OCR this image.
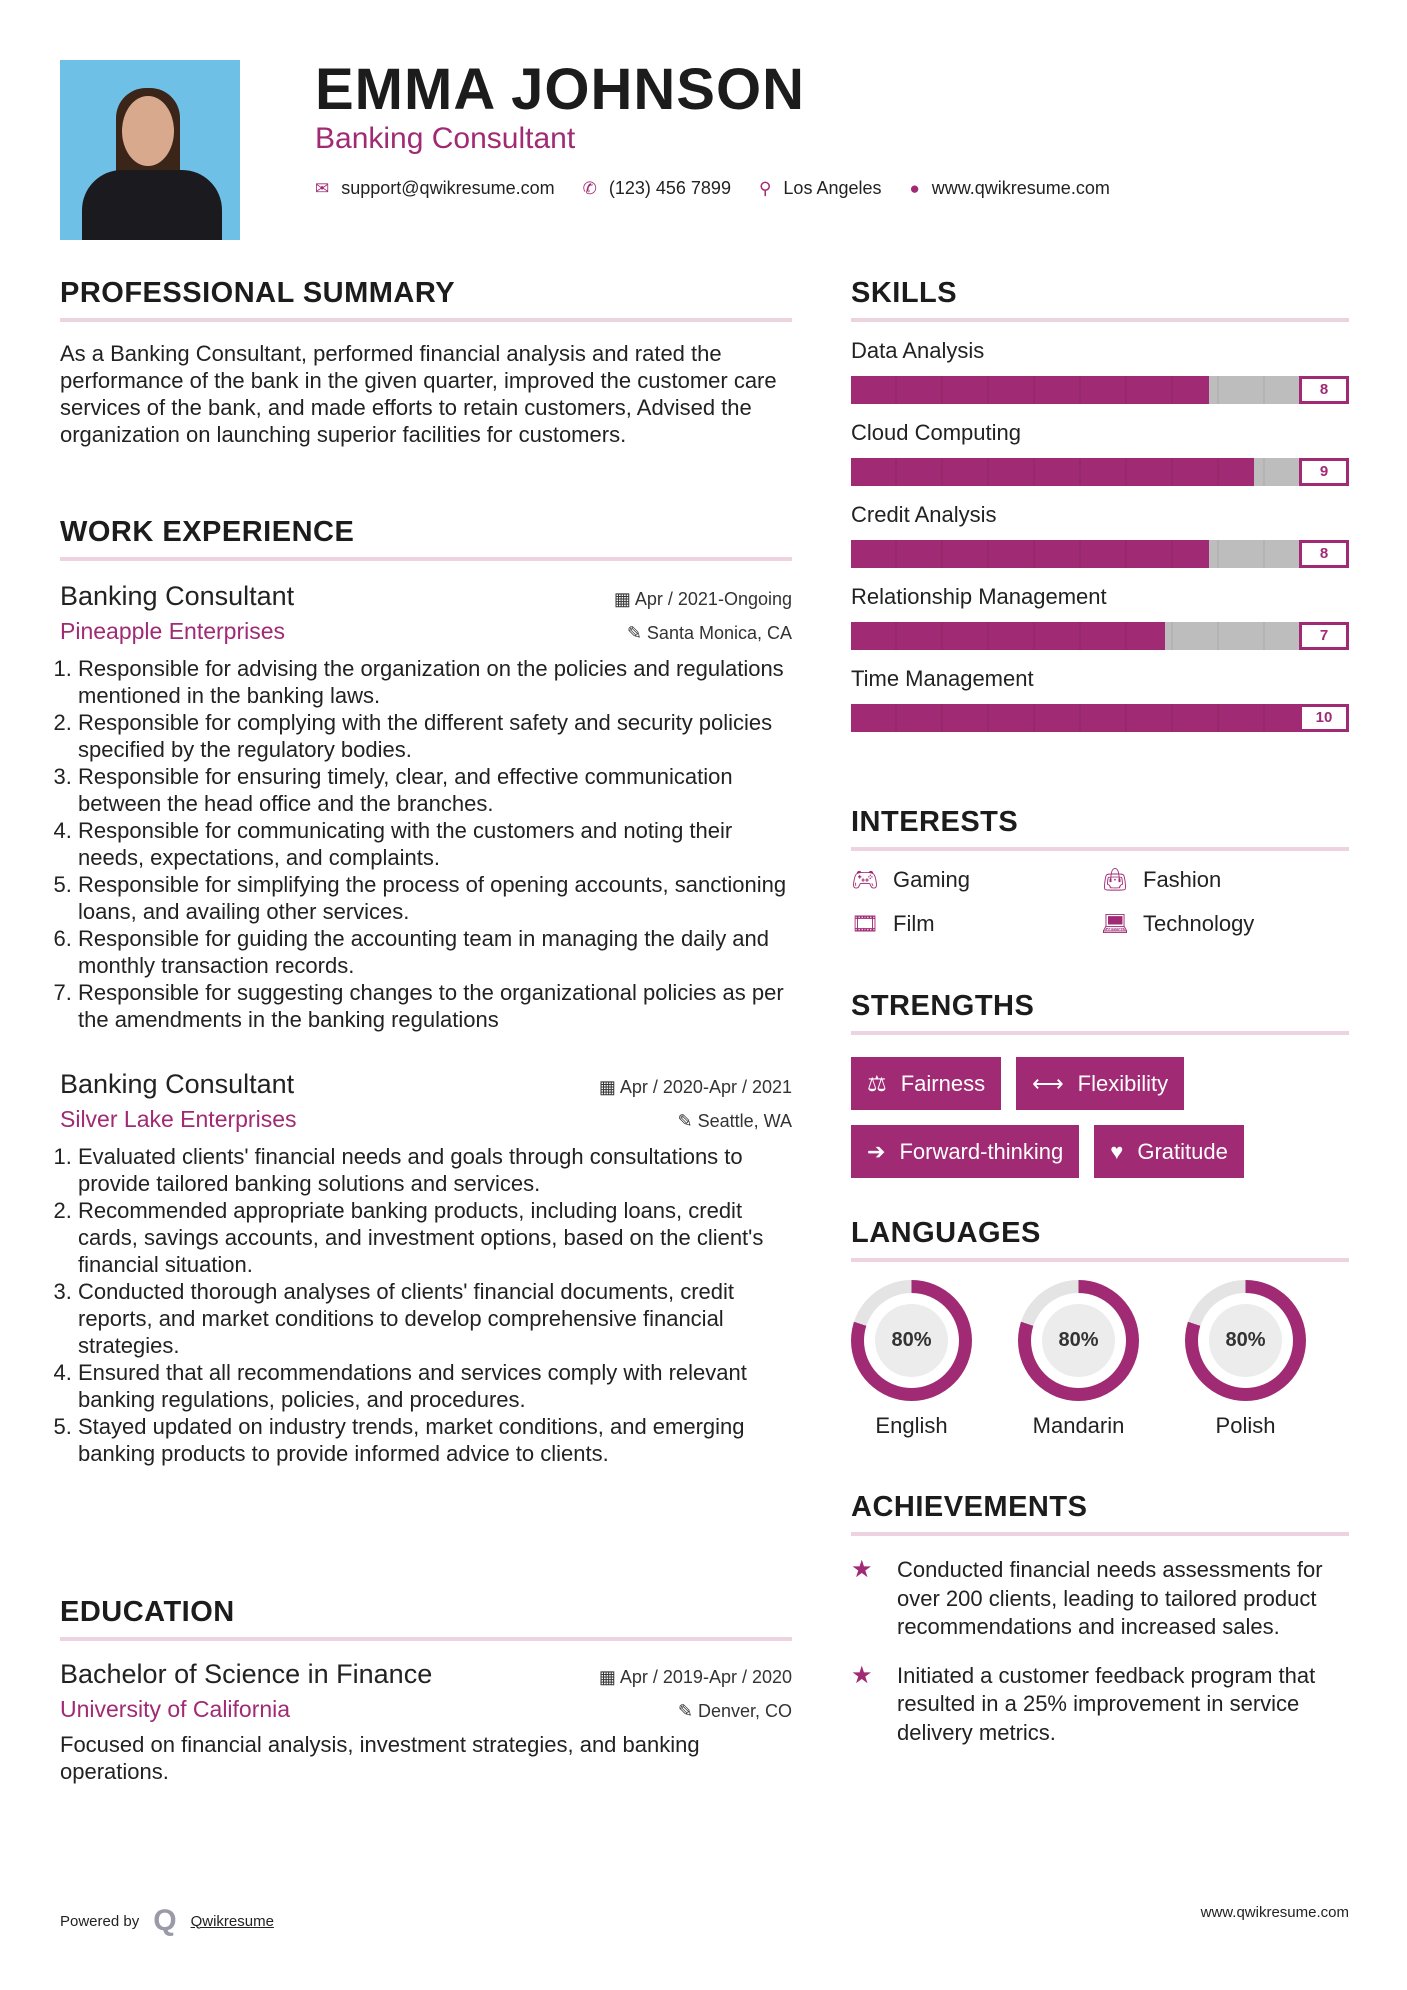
EMMA JOHNSON
Banking Consultant
✉ support@qwikresume.com ✆ (123) 456 7899 ⚲ Los Angeles ● www.qwikresume.com
PROFESSIONAL SUMMARY
As a Banking Consultant, performed financial analysis and rated the performance of the bank in the given quarter, improved the customer care services of the bank, and made efforts to retain customers, Advised the organization on launching superior facilities for customers.
WORK EXPERIENCE
Banking Consultant	▦ Apr / 2021-Ongoing
Pineapple Enterprises	✎ Santa Monica, CA
1. Responsible for advising the organization on the policies and regulations mentioned in the banking laws.
2. Responsible for complying with the different safety and security policies specified by the regulatory bodies.
3. Responsible for ensuring timely, clear, and effective communication between the head office and the branches.
4. Responsible for communicating with the customers and noting their needs, expectations, and complaints.
5. Responsible for simplifying the process of opening accounts, sanctioning loans, and availing other services.
6. Responsible for guiding the accounting team in managing the daily and monthly transaction records.
7. Responsible for suggesting changes to the organizational policies as per the amendments in the banking regulations
Banking Consultant	▦ Apr / 2020-Apr / 2021
Silver Lake Enterprises	✎ Seattle, WA
1. Evaluated clients' financial needs and goals through consultations to provide tailored banking solutions and services.
2. Recommended appropriate banking products, including loans, credit cards, savings accounts, and investment options, based on the client's financial situation.
3. Conducted thorough analyses of clients' financial documents, credit reports, and market conditions to develop comprehensive financial strategies.
4. Ensured that all recommendations and services comply with relevant banking regulations, policies, and procedures.
5. Stayed updated on industry trends, market conditions, and emerging banking products to provide informed advice to clients.
EDUCATION
Bachelor of Science in Finance	▦ Apr / 2019-Apr / 2020
University of California	✎ Denver, CO
Focused on financial analysis, investment strategies, and banking operations.
SKILLS
Data Analysis
8
Cloud Computing
9
Credit Analysis
8
Relationship Management
7
Time Management
10
INTERESTS
🎮︎ Gaming	👜︎ Fashion
🎞︎ Film	💻︎ Technology
STRENGTHS
⚖ Fairness ⟷ Flexibility
➔ Forward-thinking ♥ Gratitude
LANGUAGES
80%
English
80%
Mandarin
80%
Polish
ACHIEVEMENTS
★ Conducted financial needs assessments for over 200 clients, leading to tailored product recommendations and increased sales.
★ Initiated a customer feedback program that resulted in a 25% improvement in service delivery metrics.
Powered by Q Qwikresume	www.qwikresume.com
